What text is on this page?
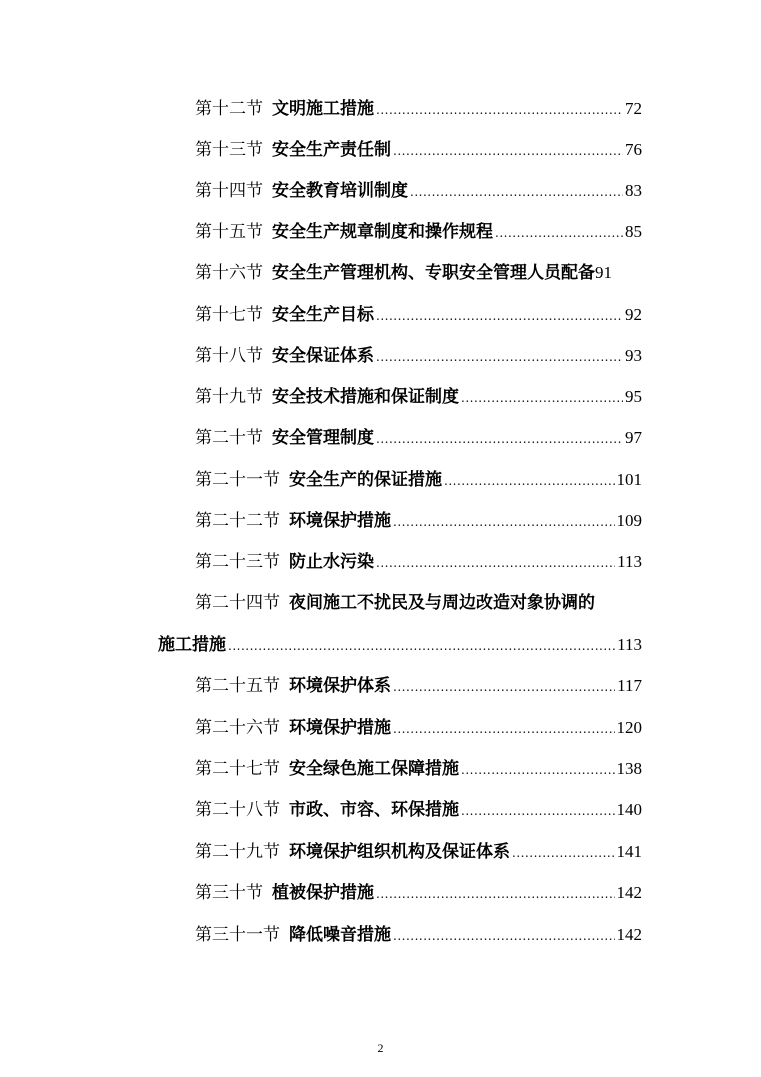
第十二节 文明施工措施 .....	72
第十三节 安全生产责任制 .....	76
第十四节 安全教育培训制度 .....	83
第十五节 安全生产规章制度和操作规程 .....	85
第十六节 安全生产管理机构、专职安全管理人员配备 91
第十七节 安全生产目标 .....	92
第十八节 安全保证体系 .....	93
第十九节 安全技术措施和保证制度 .....	95
第二十节 安全管理制度 .....	97
第二十一节 安全生产的保证措施 .....	101
第二十二节 环境保护措施 .....	109
第二十三节 防止水污染 .....	113
第二十四节 夜间施工不扰民及与周边改造对象协调的
施工措施 .....	113
第二十五节 环境保护体系 .....	117
第二十六节 环境保护措施 .....	120
第二十七节 安全绿色施工保障措施 .....	138
第二十八节 市政、市容、环保措施 .....	140
第二十九节 环境保护组织机构及保证体系 .....	141
第三十节 植被保护措施 .....	142
第三十一节 降低噪音措施 .....	142
2
